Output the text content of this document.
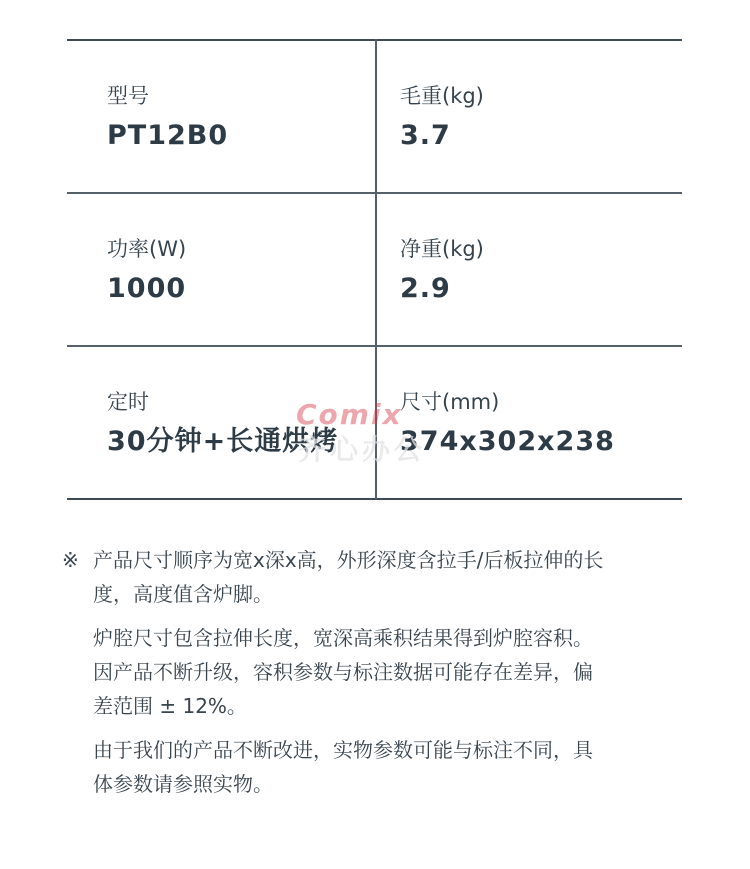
型号
PT12B0
毛重(kg)
3.7
功率(W)
1000
净重(kg)
2.9
定时
30分钟+长通烘烤
尺寸(mm)
374x302x238
Comix
齐心办公
※ 产品尺寸顺序为宽x深x高，外形深度含拉手/后板拉伸的长
度，高度值含炉脚。
炉腔尺寸包含拉伸长度，宽深高乘积结果得到炉腔容积。
因产品不断升级，容积参数与标注数据可能存在差异，偏
差范围 ± 12%。
由于我们的产品不断改进，实物参数可能与标注不同，具
体参数请参照实物。
